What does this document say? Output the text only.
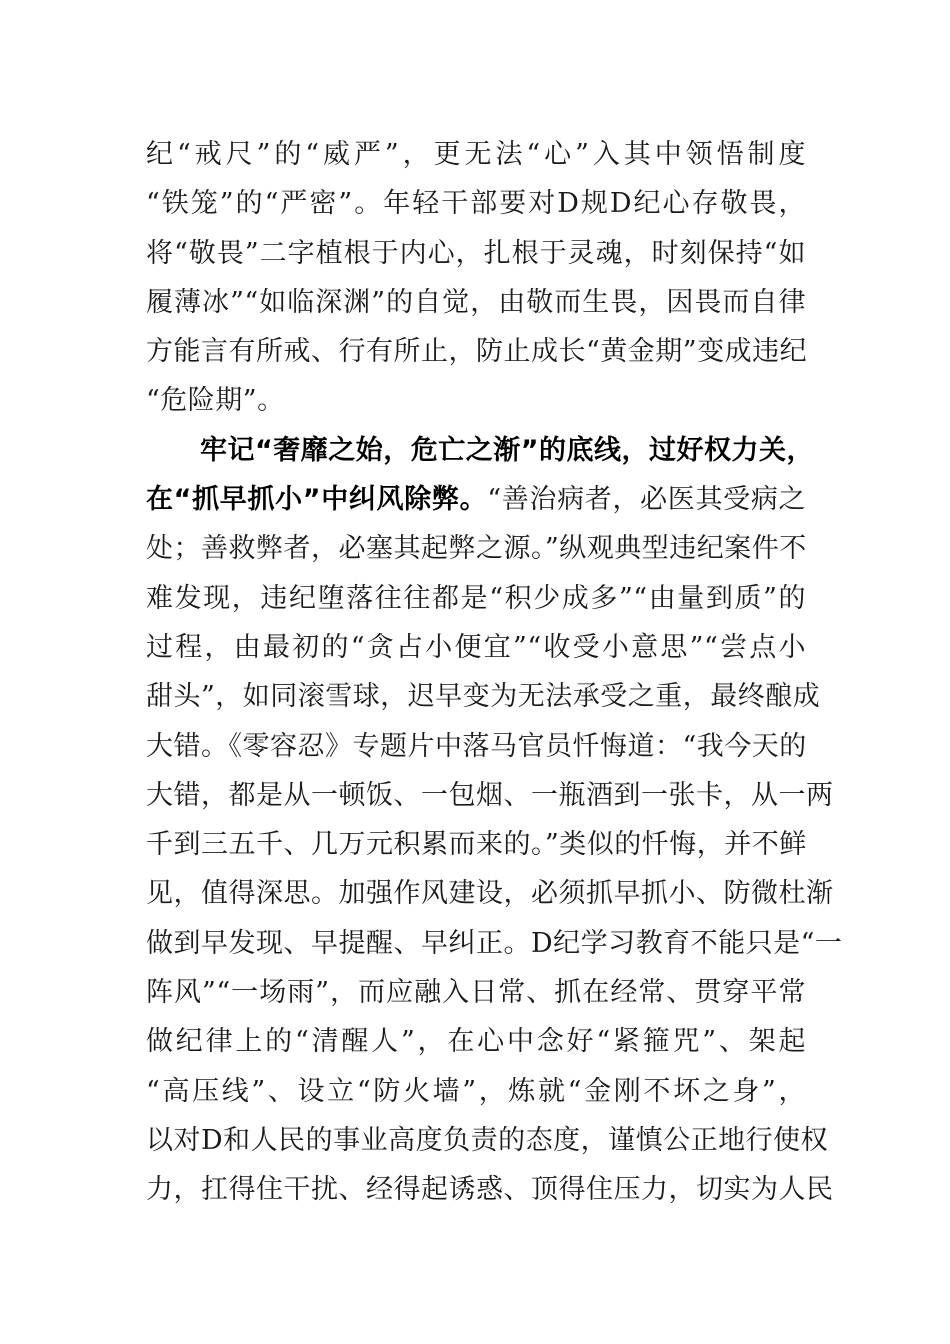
纪“戒尺”的“威严”，更无法“心”入其中领悟制度
“铁笼”的“严密”。年轻干部要对D规D纪心存敬畏，
将“敬畏”二字植根于内心，扎根于灵魂，时刻保持“如
履薄冰”“如临深渊”的自觉，由敬而生畏，因畏而自律
方能言有所戒、行有所止，防止成长“黄金期”变成违纪
“危险期”。
牢记“奢靡之始，危亡之渐”的底线，过好权力关，
在“抓早抓小”中纠风除弊。“善治病者，必医其受病之
处；善救弊者，必塞其起弊之源。”纵观典型违纪案件不
难发现，违纪堕落往往都是“积少成多”“由量到质”的
过程，由最初的“贪占小便宜”“收受小意思”“尝点小
甜头”，如同滚雪球，迟早变为无法承受之重，最终酿成
大错。《零容忍》专题片中落马官员忏悔道：“我今天的
大错，都是从一顿饭、一包烟、一瓶酒到一张卡，从一两
千到三五千、几万元积累而来的。”类似的忏悔，并不鲜
见，值得深思。加强作风建设，必须抓早抓小、防微杜渐
做到早发现、早提醒、早纠正。D纪学习教育不能只是“一
阵风”“一场雨”，而应融入日常、抓在经常、贯穿平常
做纪律上的“清醒人”，在心中念好“紧箍咒”、架起
“高压线”、设立“防火墙”，炼就“金刚不坏之身”，
以对D和人民的事业高度负责的态度，谨慎公正地行使权
力，扛得住干扰、经得起诱惑、顶得住压力，切实为人民
